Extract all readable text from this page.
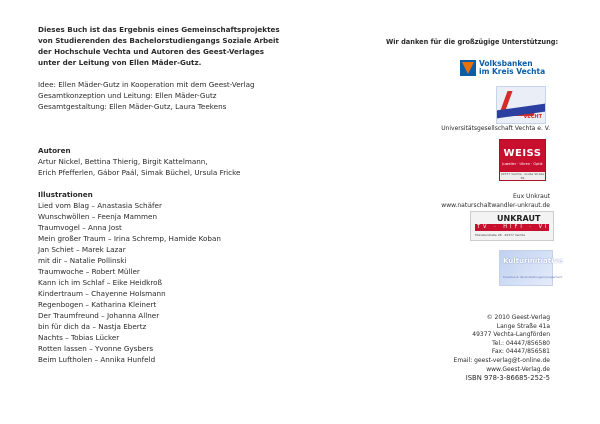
Dieses Buch ist das Ergebnis eines Gemeinschaftsprojektes
von Studierenden des Bachelorstudiengangs Soziale Arbeit
der Hochschule Vechta und Autoren des Geest-Verlages
unter der Leitung von Ellen Mäder-Gutz.
Idee: Ellen Mäder-Gutz in Kooperation mit dem Geest-Verlag
Gesamtkonzeption und Leitung: Ellen Mäder-Gutz
Gesamtgestaltung: Ellen Mäder-Gutz, Laura Teekens
Autoren
Artur Nickel, Bettina Thierig, Birgit Kattelmann,
Erich Pfefferlen, Gábor Paál, Simak Büchel, Ursula Fricke
Illustrationen
Lied vom Blag – Anastasia Schäfer
Wunschwöllen – Feenja Mammen
Traumvogel – Anna Jost
Mein großer Traum – Irina Schremp, Hamide Koban
Jan Schiet – Marek Lazar
mit dir – Natalie Pollinski
Traumwoche – Robert Müller
Kann ich im Schlaf – Eike Heidkroß
Kindertraum – Chayenne Holsmann
Regenbogen – Katharina Kleinert
Der Traumfreund – Johanna Allner
bin für dich da – Nastja Ebertz
Nachts – Tobias Lücker
Rotten lassen – Yvonne Gysbers
Beim Luftholen – Annika Hunfeld
Wir danken für die großzügige Unterstützung:
Volksbanken
im Kreis Vechta
VECHT
Universitätsgesellschaft Vechta e. V.
WEISS
Juwelier · Uhren · Optik
49377 Vechta · Große Straße 89
Eux Unkraut
www.naturschaltwandler-unkraut.de
UNKRAUT
TV · HIFI · VIDEO
Münsterstraße 28 · 49377 Vechta
Kulturinitiative
Kreative & Veranstaltungsmanagement
© 2010 Geest-Verlag
Lange Straße 41a
49377 Vechta-Langförden
Tel.: 04447/856580
Fax: 04447/856581
Email: geest-verlag@t-online.de
www.Geest-Verlag.de
ISBN 978-3-86685-252-5
